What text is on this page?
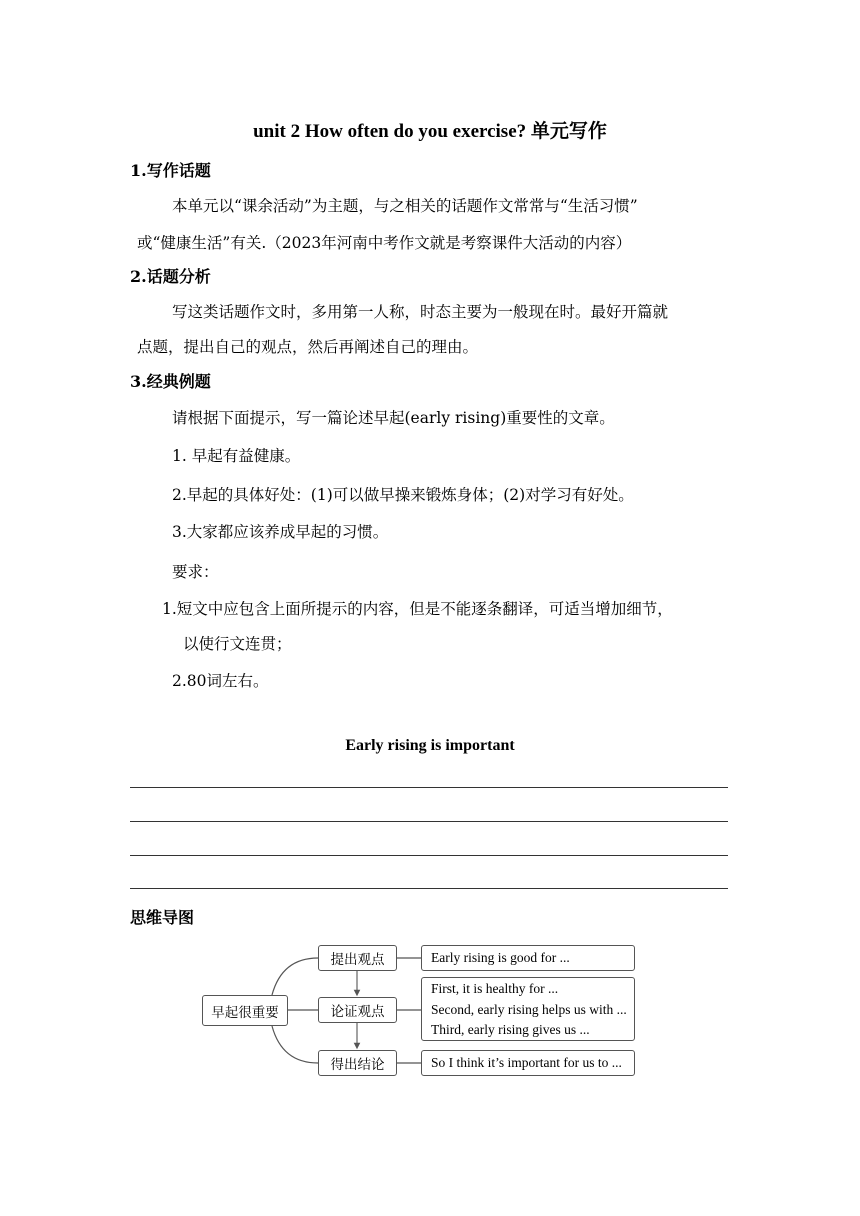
unit 2 How often do you exercise? 单元写作
1.写作话题
本单元以“课余活动”为主题，与之相关的话题作文常常与“生活习惯”
或“健康生活”有关.（2023年河南中考作文就是考察课件大活动的内容）
2.话题分析
写这类话题作文时，多用第一人称，时态主要为一般现在时。最好开篇就
点题，提出自己的观点，然后再阐述自己的理由。
3.经典例题
请根据下面提示，写一篇论述早起(early rising)重要性的文章。
1. 早起有益健康。
2.早起的具体好处：(1)可以做早操来锻炼身体；(2)对学习有好处。
3.大家都应该养成早起的习惯。
要求：
1.短文中应包含上面所提示的内容，但是不能逐条翻译，可适当增加细节，
以使行文连贯；
2.80词左右。
Early rising is important
思维导图
早起很重要
提出观点
论证观点
得出结论
Early rising is good for ...
First, it is healthy for ...
Second, early rising helps us with ...
Third, early rising gives us ...
So I think it’s important for us to ...
